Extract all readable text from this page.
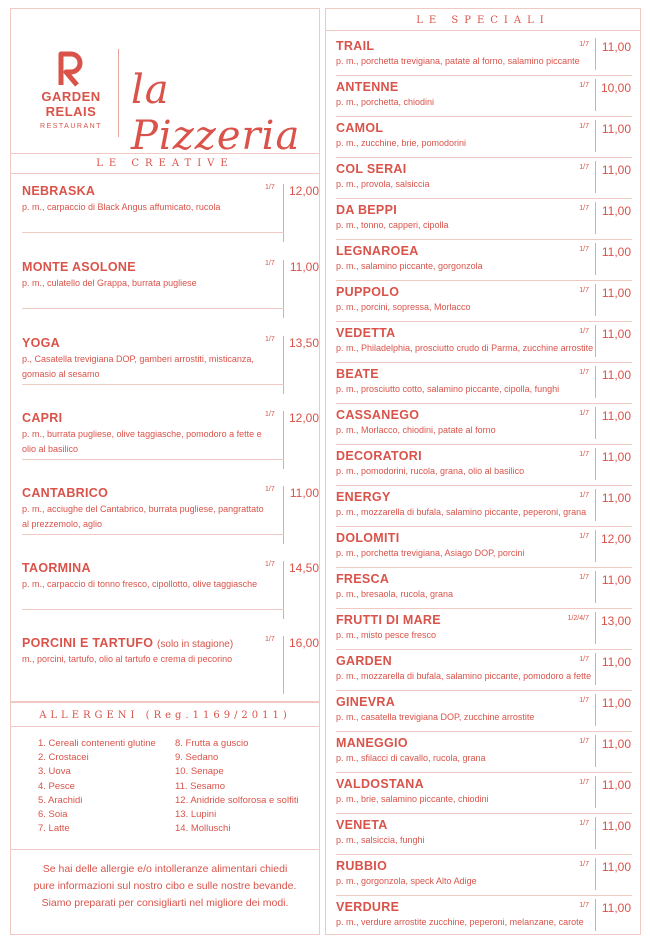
GARDEN
RELAIS
RESTAURANT
la Pizzeria
LE CREATIVE
NEBRASKA
p. m., carpaccio di Black Angus affumicato, rucola
1/7 12,00
MONTE ASOLONE
p. m., culatello del Grappa, burrata pugliese
1/7 11,00
YOGA
p., Casatella trevigiana DOP, gamberi arrostiti, misticanza, gomasio al sesamo
1/7 13,50
CAPRI
p. m., burrata pugliese, olive taggiasche, pomodoro a fette e olio al basilico
1/7 12,00
CANTABRICO
p. m., acciughe del Cantabrico, burrata pugliese, pangrattato al prezzemolo, aglio
1/7 11,00
TAORMINA
p. m., carpaccio di tonno fresco, cipollotto, olive taggiasche
1/7 14,50
PORCINI E TARTUFO (solo in stagione)
m., porcini, tartufo, olio al tartufo e crema di pecorino
1/7 16,00
ALLERGENI (Reg.1169/2011)
1. Cereali contenenti glutine
2. Crostacei
3. Uova
4. Pesce
5. Arachidi
6. Soia
7. Latte
8. Frutta a guscio
9. Sedano
10. Senape
11. Sesamo
12. Anidride solforosa e solfiti
13. Lupini
14. Molluschi
Se hai delle allergie e/o intolleranze alimentari chiedi
pure informazioni sul nostro cibo e sulle nostre bevande.
Siamo preparati per consigliarti nel migliore dei modi.
LE SPECIALI
TRAIL
p. m., porchetta trevigiana, patate al forno, salamino piccante
1/7 11,00
ANTENNE
p. m., porchetta, chiodini
1/7 10,00
CAMOL
p. m., zucchine, brie, pomodorini
1/7 11,00
COL SERAI
p. m., provola, salsiccia
1/7 11,00
DA BEPPI
p. m., tonno, capperi, cipolla
1/7 11,00
LEGNAROEA
p. m., salamino piccante, gorgonzola
1/7 11,00
PUPPOLO
p. m., porcini, sopressa, Morlacco
1/7 11,00
VEDETTA
p. m., Philadelphia, prosciutto crudo di Parma, zucchine arrostite
1/7 11,00
BEATE
p. m., prosciutto cotto, salamino piccante, cipolla, funghi
1/7 11,00
CASSANEGO
p. m., Morlacco, chiodini, patate al forno
1/7 11,00
DECORATORI
p. m., pomodorini, rucola, grana, olio al basilico
1/7 11,00
ENERGY
p. m., mozzarella di bufala, salamino piccante, peperoni, grana
1/7 11,00
DOLOMITI
p. m., porchetta trevigiana, Asiago DOP, porcini
1/7 12,00
FRESCA
p. m., bresaola, rucola, grana
1/7 11,00
FRUTTI DI MARE
p. m., misto pesce fresco
1/2/4/7 13,00
GARDEN
p. m., mozzarella di bufala, salamino piccante, pomodoro a fette
1/7 11,00
GINEVRA
p. m., casatella trevigiana DOP, zucchine arrostite
1/7 11,00
MANEGGIO
p. m., sfilacci di cavallo, rucola, grana
1/7 11,00
VALDOSTANA
p. m., brie, salamino piccante, chiodini
1/7 11,00
VENETA
p. m., salsiccia, funghi
1/7 11,00
RUBBIO
p. m., gorgonzola, speck Alto Adige
1/7 11,00
VERDURE
p. m., verdure arrostite zucchine, peperoni, melanzane, carote
1/7 11,00
